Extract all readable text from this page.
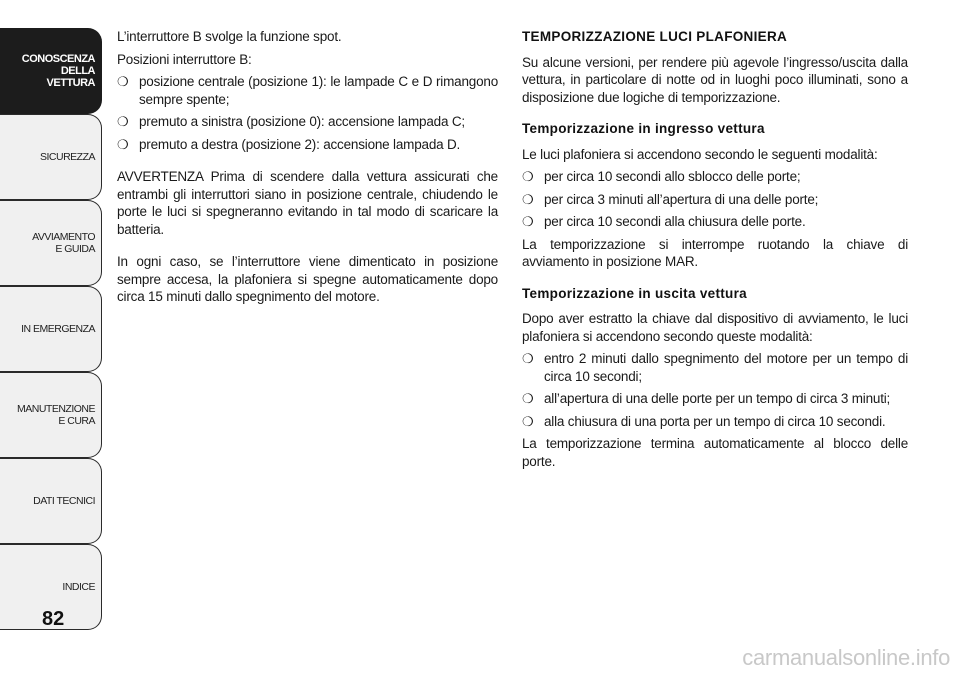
CONOSCENZA
DELLA
VETTURA
SICUREZZA
AVVIAMENTO
E GUIDA
IN EMERGENZA
MANUTENZIONE
E CURA
DATI TECNICI
INDICE
82

L’interruttore B svolge la funzione spot.

Posizioni interruttore B:

❍ posizione centrale (posizione 1): le lampade C e D rimangono sempre spente;
❍ premuto a sinistra (posizione 0): accensione lampada C;
❍ premuto a destra (posizione 2): accensione lampada D.

AVVERTENZA Prima di scendere dalla vettura assicurati che entrambi gli interruttori siano in posizione centrale, chiudendo le porte le luci si spegneranno evitando in tal modo di scaricare la batteria.

In ogni caso, se l’interruttore viene dimenticato in posizione sempre accesa, la plafoniera si spegne automaticamente dopo circa 15 minuti dallo spegnimento del motore.

TEMPORIZZAZIONE LUCI PLAFONIERA

Su alcune versioni, per rendere più agevole l’ingresso/uscita dalla vettura, in particolare di notte od in luoghi poco illuminati, sono a disposizione due logiche di temporizzazione.

Temporizzazione in ingresso vettura

Le luci plafoniera si accendono secondo le seguenti modalità:

❍ per circa 10 secondi allo sblocco delle porte;
❍ per circa 3 minuti all’apertura di una delle porte;
❍ per circa 10 secondi alla chiusura delle porte.

La temporizzazione si interrompe ruotando la chiave di avviamento in posizione MAR.

Temporizzazione in uscita vettura

Dopo aver estratto la chiave dal dispositivo di avviamento, le luci plafoniera si accendono secondo queste modalità:

❍ entro 2 minuti dallo spegnimento del motore per un tempo di circa 10 secondi;
❍ all’apertura di una delle porte per un tempo di circa 3 minuti;
❍ alla chiusura di una porta per un tempo di circa 10 secondi.

La temporizzazione termina automaticamente al blocco delle porte.

carmanualsonline.info
